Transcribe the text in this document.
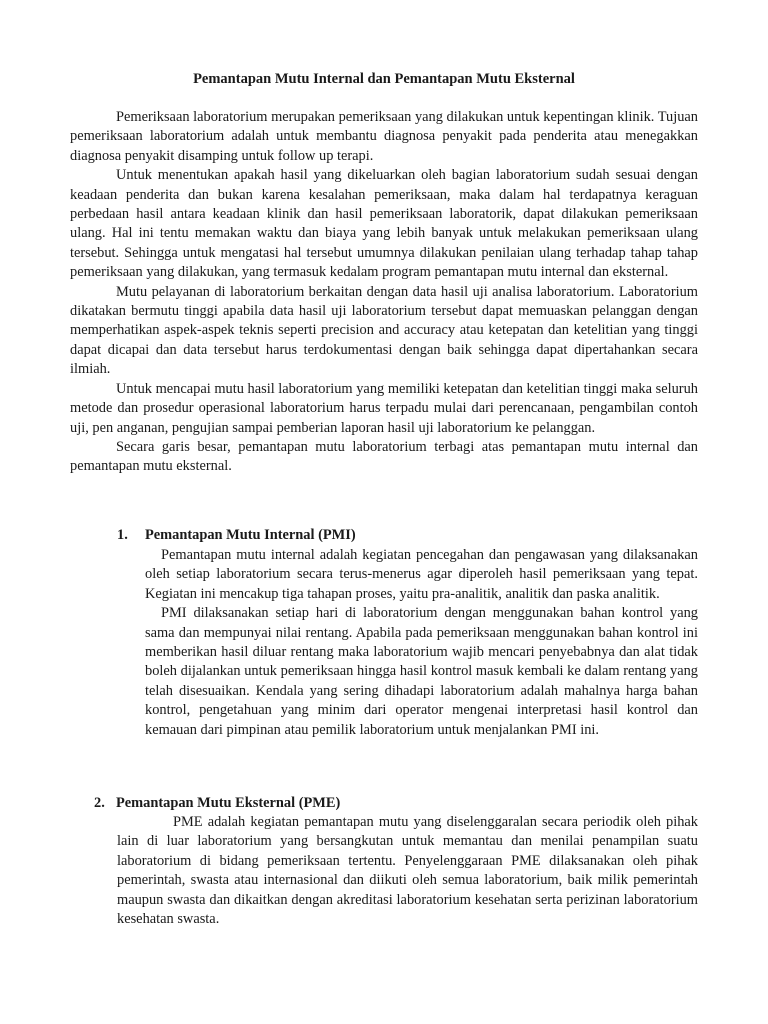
Pemantapan Mutu Internal dan Pemantapan Mutu Eksternal

Pemeriksaan laboratorium merupakan pemeriksaan yang dilakukan untuk kepentingan klinik. Tujuan pemeriksaan laboratorium adalah untuk membantu diagnosa penyakit pada penderita atau menegakkan diagnosa penyakit disamping untuk follow up terapi.

Untuk menentukan apakah hasil yang dikeluarkan oleh bagian laboratorium sudah sesuai dengan keadaan penderita dan bukan karena kesalahan pemeriksaan, maka dalam hal terdapatnya keraguan perbedaan hasil antara keadaan klinik dan hasil pemeriksaan laboratorik, dapat dilakukan pemeriksaan ulang. Hal ini tentu memakan waktu dan biaya yang lebih banyak untuk melakukan pemeriksaan ulang tersebut. Sehingga untuk mengatasi hal tersebut umumnya dilakukan penilaian ulang terhadap tahap tahap pemeriksaan yang dilakukan, yang termasuk kedalam program pemantapan mutu internal dan eksternal.

Mutu pelayanan di laboratorium berkaitan dengan data hasil uji analisa laboratorium. Laboratorium dikatakan bermutu tinggi apabila data hasil uji laboratorium tersebut dapat memuaskan pelanggan dengan memperhatikan aspek-aspek teknis seperti precision and accuracy atau ketepatan dan ketelitian yang tinggi dapat dicapai dan data tersebut harus terdokumentasi dengan baik sehingga dapat dipertahankan secara ilmiah.

Untuk mencapai mutu hasil laboratorium yang memiliki ketepatan dan ketelitian tinggi maka seluruh metode dan prosedur operasional laboratorium harus terpadu mulai dari perencanaan, pengambilan contoh uji, pen anganan, pengujian sampai pemberian laporan hasil uji laboratorium ke pelanggan.

Secara garis besar, pemantapan mutu laboratorium terbagi atas pemantapan mutu internal dan pemantapan mutu eksternal.

1. Pemantapan Mutu Internal (PMI)

Pemantapan mutu internal adalah kegiatan pencegahan dan pengawasan yang dilaksanakan oleh setiap laboratorium secara terus-menerus agar diperoleh hasil pemeriksaan yang tepat. Kegiatan ini mencakup tiga tahapan proses, yaitu pra-analitik, analitik dan paska analitik.

PMI dilaksanakan setiap hari di laboratorium dengan menggunakan bahan kontrol yang sama dan mempunyai nilai rentang. Apabila pada pemeriksaan menggunakan bahan kontrol ini memberikan hasil diluar rentang maka laboratorium wajib mencari penyebabnya dan alat tidak boleh dijalankan untuk pemeriksaan hingga hasil kontrol masuk kembali ke dalam rentang yang telah disesuaikan. Kendala yang sering dihadapi laboratorium adalah mahalnya harga bahan kontrol, pengetahuan yang minim dari operator mengenai interpretasi hasil kontrol dan kemauan dari pimpinan atau pemilik laboratorium untuk menjalankan PMI ini.

2. Pemantapan Mutu Eksternal (PME)

PME adalah kegiatan pemantapan mutu yang diselenggaralan secara periodik oleh pihak lain di luar laboratorium yang bersangkutan untuk memantau dan menilai penampilan suatu laboratorium di bidang pemeriksaan tertentu. Penyelenggaraan PME dilaksanakan oleh pihak pemerintah, swasta atau internasional dan diikuti oleh semua laboratorium, baik milik pemerintah maupun swasta dan dikaitkan dengan akreditasi laboratorium kesehatan serta perizinan laboratorium kesehatan swasta.
